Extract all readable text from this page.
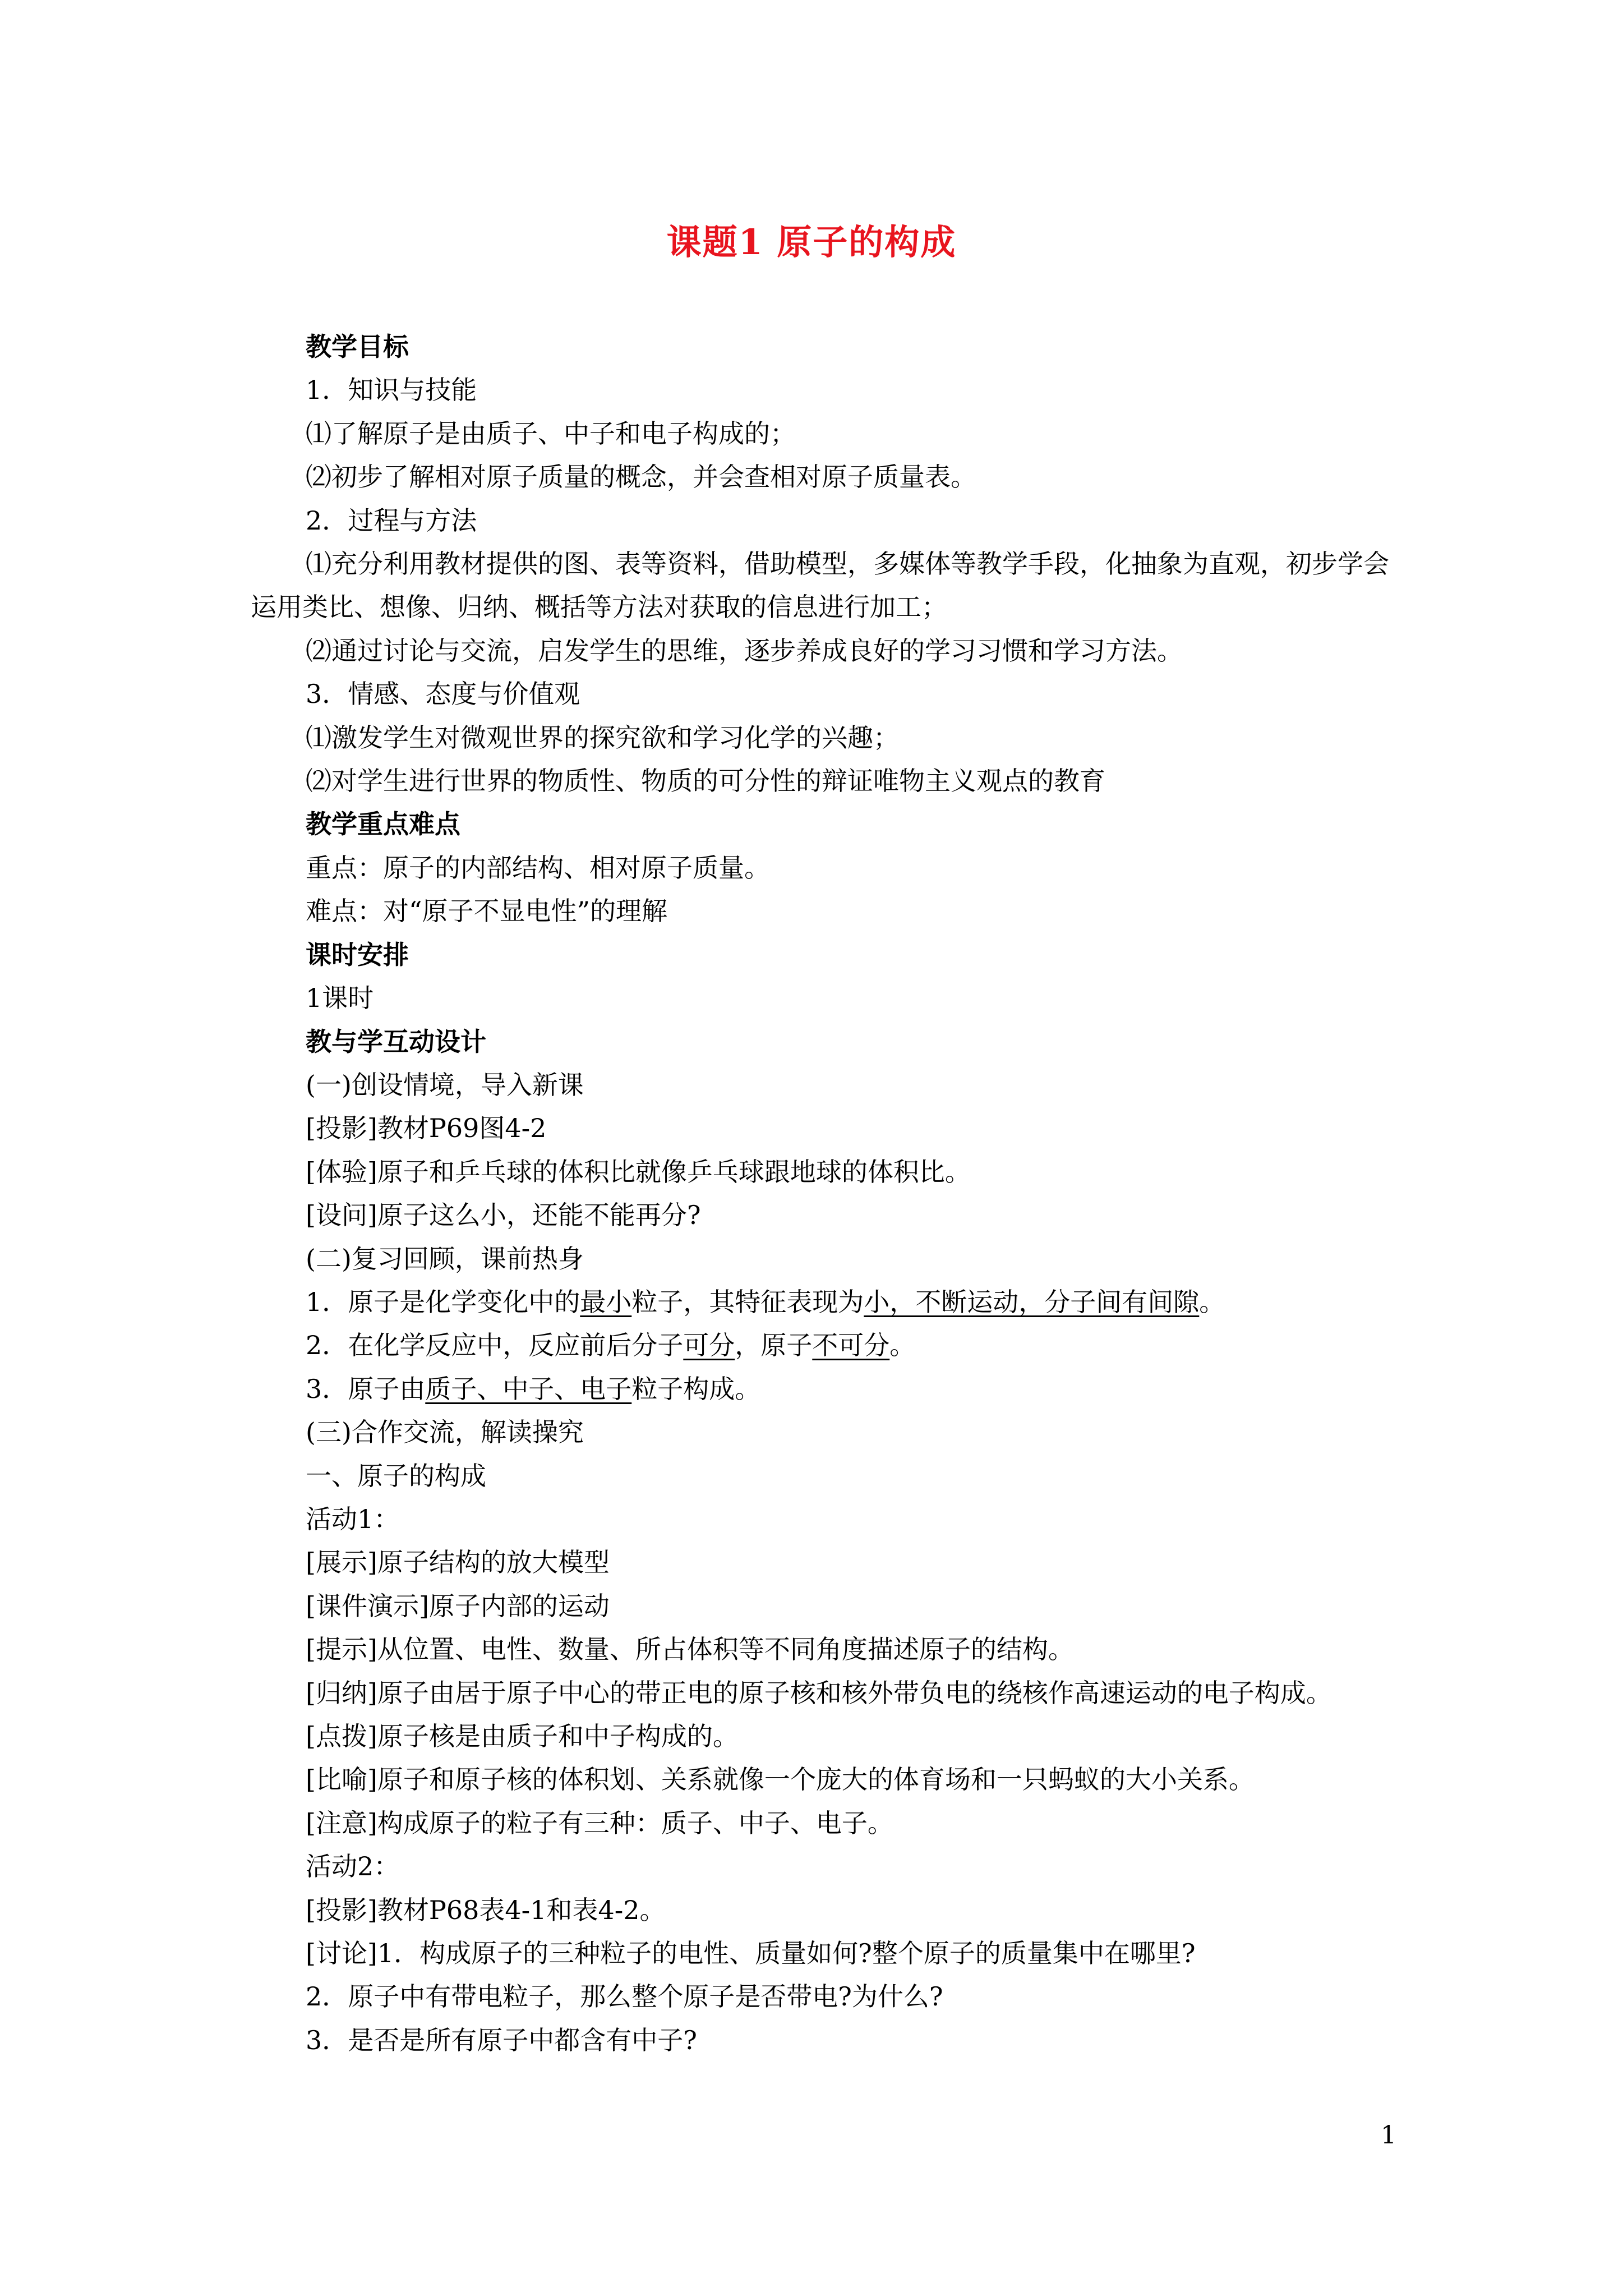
课题1 原子的构成

教学目标

1．知识与技能

⑴了解原子是由质子、中子和电子构成的；

⑵初步了解相对原子质量的概念，并会查相对原子质量表。

2．过程与方法

⑴充分利用教材提供的图、表等资料，借助模型，多媒体等教学手段，化抽象为直观，初步学会运用类比、想像、归纳、概括等方法对获取的信息进行加工；

⑵通过讨论与交流，启发学生的思维，逐步养成良好的学习习惯和学习方法。

3．情感、态度与价值观

⑴激发学生对微观世界的探究欲和学习化学的兴趣；

⑵对学生进行世界的物质性、物质的可分性的辩证唯物主义观点的教育

教学重点难点

重点：原子的内部结构、相对原子质量。

难点：对“原子不显电性”的理解

课时安排

1课时

教与学互动设计

(一)创设情境，导入新课

[投影]教材P69图4-2

[体验]原子和乒乓球的体积比就像乒乓球跟地球的体积比。

[设问]原子这么小，还能不能再分?

(二)复习回顾，课前热身

1．原子是化学变化中的最小粒子，其特征表现为小，不断运动，分子间有间隙。

2．在化学反应中，反应前后分子可分，原子不可分。

3．原子由质子、中子、电子粒子构成。

(三)合作交流，解读操究

一、原子的构成

活动1：

[展示]原子结构的放大模型

[课件演示]原子内部的运动

[提示]从位置、电性、数量、所占体积等不同角度描述原子的结构。

[归纳]原子由居于原子中心的带正电的原子核和核外带负电的绕核作高速运动的电子构成。

[点拨]原子核是由质子和中子构成的。

[比喻]原子和原子核的体积划、关系就像一个庞大的体育场和一只蚂蚁的大小关系。

[注意]构成原子的粒子有三种：质子、中子、电子。

活动2：

[投影]教材P68表4-1和表4-2。

[讨论]1．构成原子的三种粒子的电性、质量如何?整个原子的质量集中在哪里?

2．原子中有带电粒子，那么整个原子是否带电?为什么?

3．是否是所有原子中都含有中子?

1
